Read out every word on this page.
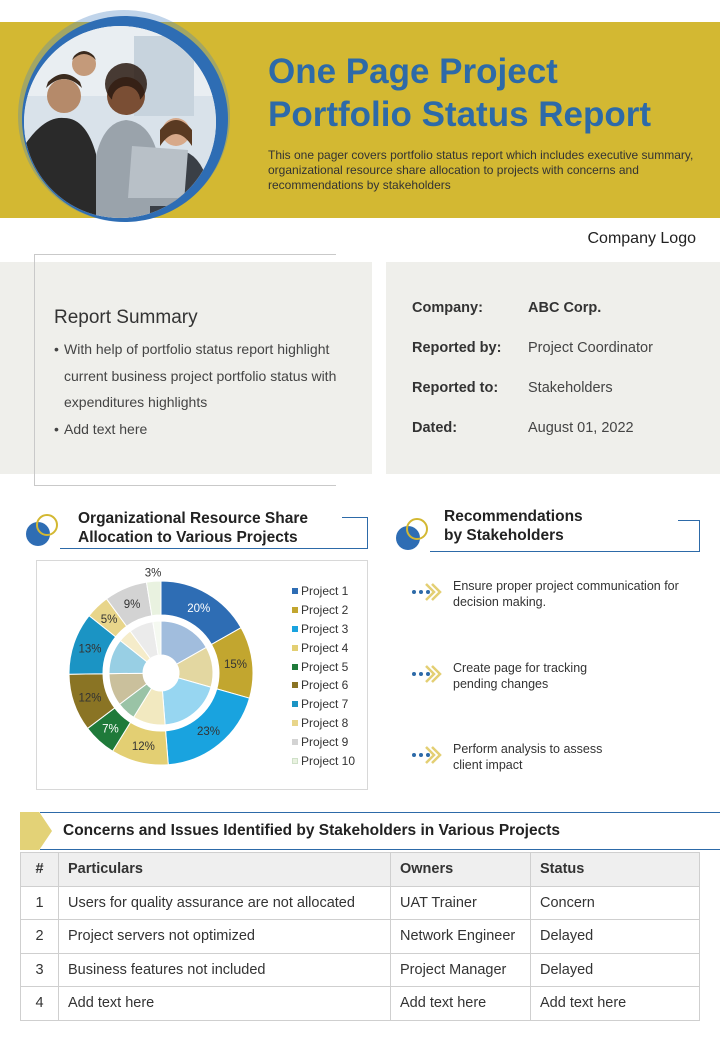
One Page Project Portfolio Status Report
This one pager covers portfolio status report which includes executive summary, organizational resource share allocation to projects with concerns and recommendations by stakeholders
Company Logo
Report Summary
• With help of portfolio status report highlight current business project portfolio status with expenditures highlights
• Add text here
Company:	ABC Corp.
Reported by:	Project Coordinator
Reported to:	Stakeholders
Dated:	August 01, 2022
Organizational Resource Share
Allocation to Various Projects
Recommendations
by Stakeholders
20%
15%
23%
12%
7%
12%
13%
5%
9%
3%
Project 1
Project 2
Project 3
Project 4
Project 5
Project 6
Project 7
Project 8
Project 9
Project 10
Ensure proper project communication for decision making.
Create page for tracking pending changes
Perform analysis to assess client impact
Concerns and Issues Identified by Stakeholders in Various Projects
#	Particulars	Owners	Status
1	Users for quality assurance are not allocated	UAT Trainer	Concern
2	Project servers not optimized	Network Engineer	Delayed
3	Business features not included	Project Manager	Delayed
4	Add text here	Add text here	Add text here
